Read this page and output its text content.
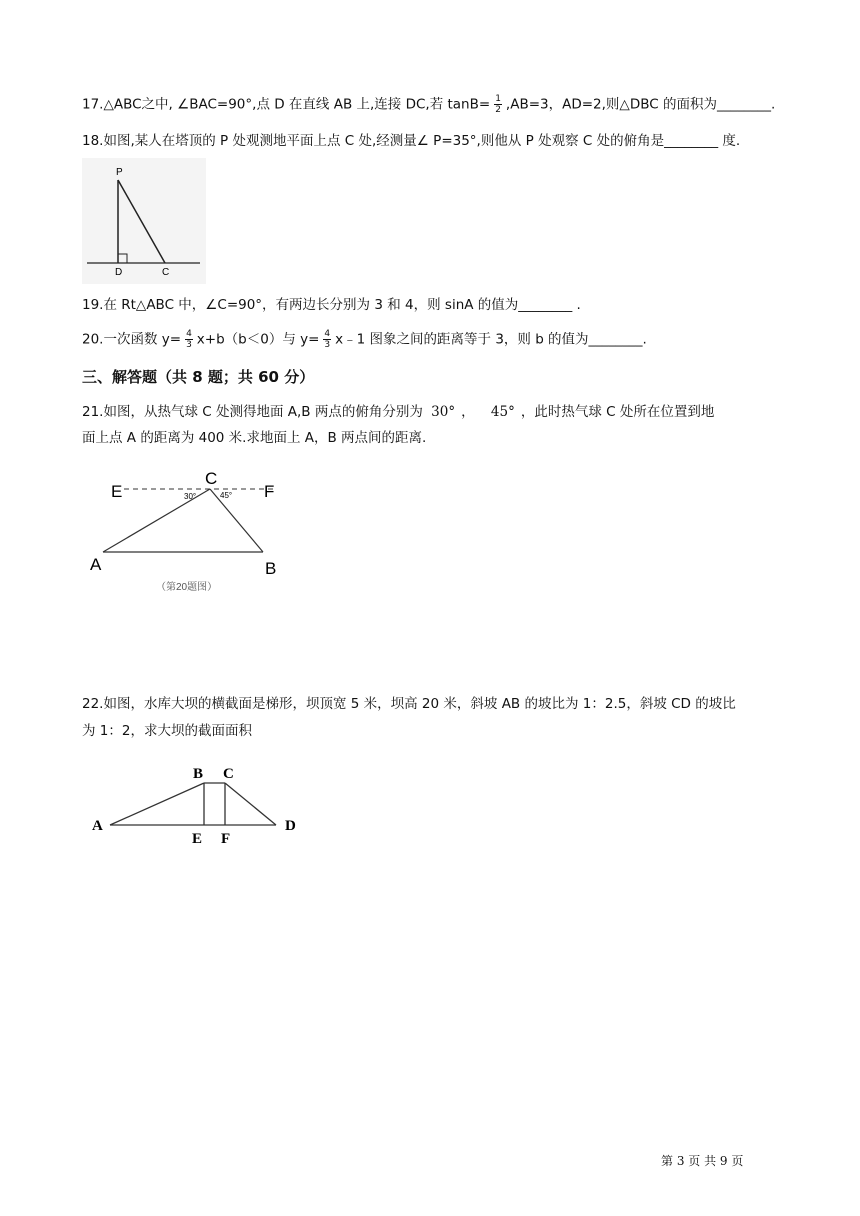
17.△ABC之中, ∠BAC=90°,点 D 在直线 AB 上,连接 DC,若 $\tan B= \frac{1}{2} ,AB=3$，AD=2,则△DBC 的面积为________.
18.如图,某人在塔顶的 P 处观测地平面上点 C 处,经测量∠ P=35°,则他从 P 处观察 C 处的俯角是________ 度.
P
D	C
19.在 Rt△ABC 中，∠C=90°，有两边长分别为 3 和 4，则 sinA 的值为________ .
20.一次函数 $y= \frac{4}{3} x+b(b<0)$与 $y= \frac{4}{3}$ x﹣1 图象之间的距离等于 3，则 b 的值为________.
三、解答题（共 8 题；共 60 分）
21.如图，从热气球 C 处测得地面 A,B 两点的俯角分别为 30° ， 45° ，此时热气球 C 处所在位置到地
面上点 A 的距离为 400 米.求地面上 A，B 两点间的距离.
E
C
F
30°	45°
A	B
（第20题图）
22.如图，水库大坝的横截面是梯形，坝顶宽 5 米，坝高 20 米，斜坡 AB 的坡比为 1：2.5，斜坡 CD 的坡比
为 1：2，求大坝的截面面积
A
B C
D
E F
第 3 页 共 9 页
